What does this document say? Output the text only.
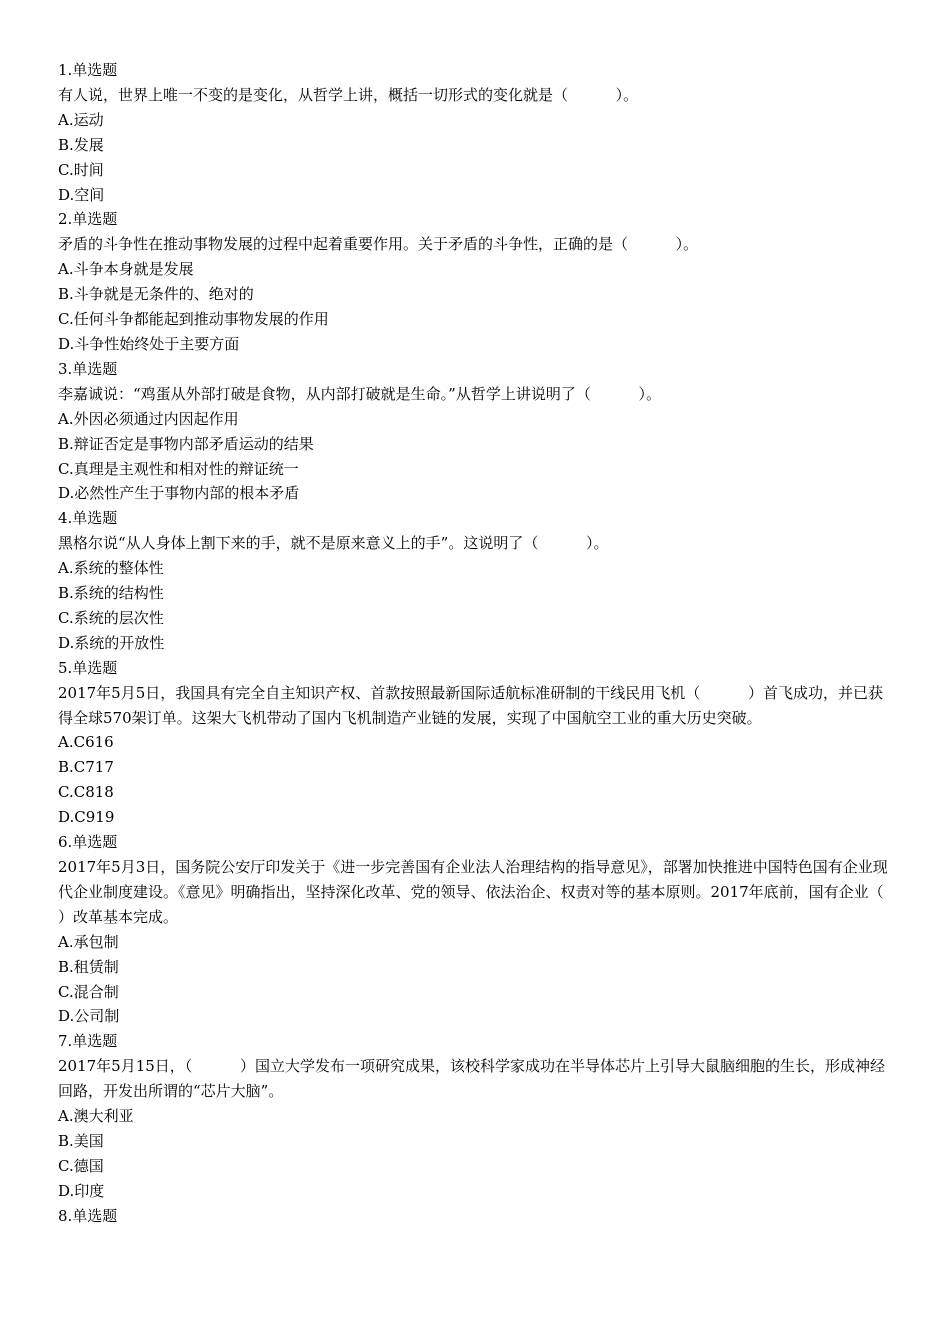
1.单选题

有人说，世界上唯一不变的是变化，从哲学上讲，概括一切形式的变化就是（          ）。

A.运动

B.发展

C.时间

D.空间

2.单选题

矛盾的斗争性在推动事物发展的过程中起着重要作用。关于矛盾的斗争性，正确的是（          ）。

A.斗争本身就是发展

B.斗争就是无条件的、绝对的

C.任何斗争都能起到推动事物发展的作用

D.斗争性始终处于主要方面

3.单选题

李嘉诚说：“鸡蛋从外部打破是食物，从内部打破就是生命。”从哲学上讲说明了（          ）。

A.外因必须通过内因起作用

B.辩证否定是事物内部矛盾运动的结果

C.真理是主观性和相对性的辩证统一

D.必然性产生于事物内部的根本矛盾

4.单选题

黑格尔说“从人身体上割下来的手，就不是原来意义上的手”。这说明了（          ）。

A.系统的整体性

B.系统的结构性

C.系统的层次性

D.系统的开放性

5.单选题

2017年5月5日，我国具有完全自主知识产权、首款按照最新国际适航标准研制的干线民用飞机（          ）首飞成功，并已获得全球570架订单。这架大飞机带动了国内飞机制造产业链的发展，实现了中国航空工业的重大历史突破。

A.C616

B.C717

C.C818

D.C919

6.单选题

2017年5月3日，国务院公安厅印发关于《进一步完善国有企业法人治理结构的指导意见》，部署加快推进中国特色国有企业现代企业制度建设。《意见》明确指出，坚持深化改革、党的领导、依法治企、权责对等的基本原则。2017年底前，国有企业（          ）改革基本完成。

A.承包制

B.租赁制

C.混合制

D.公司制

7.单选题

2017年5月15日，（          ）国立大学发布一项研究成果，该校科学家成功在半导体芯片上引导大鼠脑细胞的生长，形成神经回路，开发出所谓的“芯片大脑”。

A.澳大利亚

B.美国

C.德国

D.印度

8.单选题
